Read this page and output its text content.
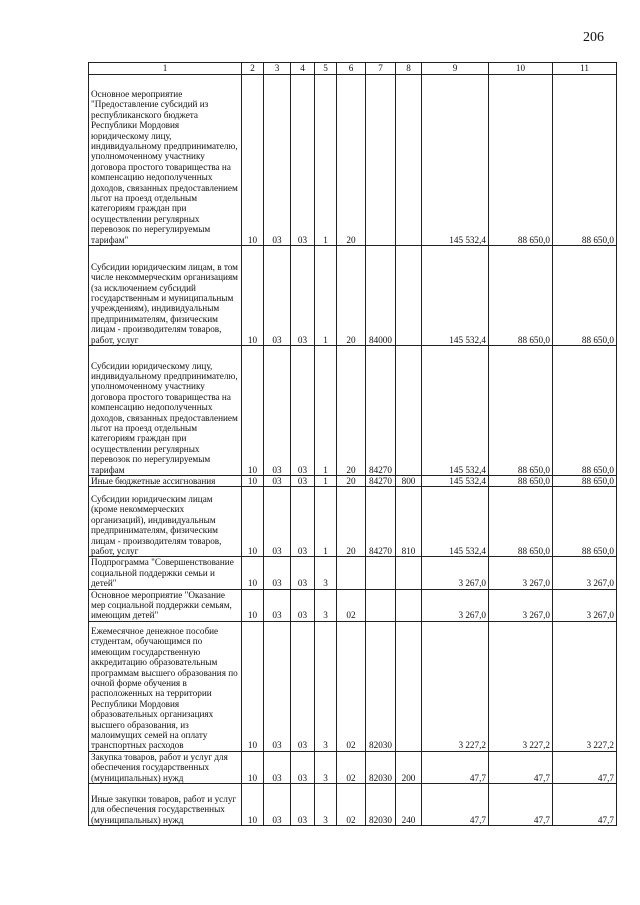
206
1	2	3	4	5	6	7	8	9	10	11
Основное мероприятие "Предоставление субсидий из республиканского бюджета Республики Мордовия юридическому лицу, индивидуальному предпринимателю, уполномоченному участнику договора простого товарищества на компенсацию недополученных доходов, связанных предоставлением льгот на проезд отдельным категориям граждан при осуществлении регулярных перевозок по нерегулируемым тарифам"	10	03	03	1	20			145 532,4	88 650,0	88 650,0
Субсидии юридическим лицам, в том числе некоммерческим организациям (за исключением субсидий государственным и муниципальным учреждениям), индивидуальным предпринимателям, физическим лицам - производителям товаров, работ, услуг	10	03	03	1	20	84000		145 532,4	88 650,0	88 650,0
Субсидии юридическому лицу, индивидуальному предпринимателю, уполномоченному участнику договора простого товарищества на компенсацию недополученных доходов, связанных предоставлением льгот на проезд отдельным категориям граждан при осуществлении регулярных перевозок по нерегулируемым тарифам	10	03	03	1	20	84270		145 532,4	88 650,0	88 650,0
Иные бюджетные ассигнования	10	03	03	1	20	84270	800	145 532,4	88 650,0	88 650,0
Субсидии юридическим лицам (кроме некоммерческих организаций), индивидуальным предпринимателям, физическим лицам - производителям товаров, работ, услуг	10	03	03	1	20	84270	810	145 532,4	88 650,0	88 650,0
Подпрограмма "Совершенствование социальной поддержки семьи и детей"	10	03	03	3				3 267,0	3 267,0	3 267,0
Основное мероприятие "Оказание мер социальной поддержки семьям, имеющим детей"	10	03	03	3	02			3 267,0	3 267,0	3 267,0
Ежемесячное денежное пособие студентам, обучающимся по имеющим государственную аккредитацию образовательным программам высшего образования по очной форме обучения в расположенных на территории Республики Мордовия образовательных организациях высшего образования, из малоимущих семей на оплату транспортных расходов	10	03	03	3	02	82030		3 227,2	3 227,2	3 227,2
Закупка товаров, работ и услуг для обеспечения государственных (муниципальных) нужд	10	03	03	3	02	82030	200	47,7	47,7	47,7
Иные закупки товаров, работ и услуг для обеспечения государственных (муниципальных) нужд	10	03	03	3	02	82030	240	47,7	47,7	47,7
